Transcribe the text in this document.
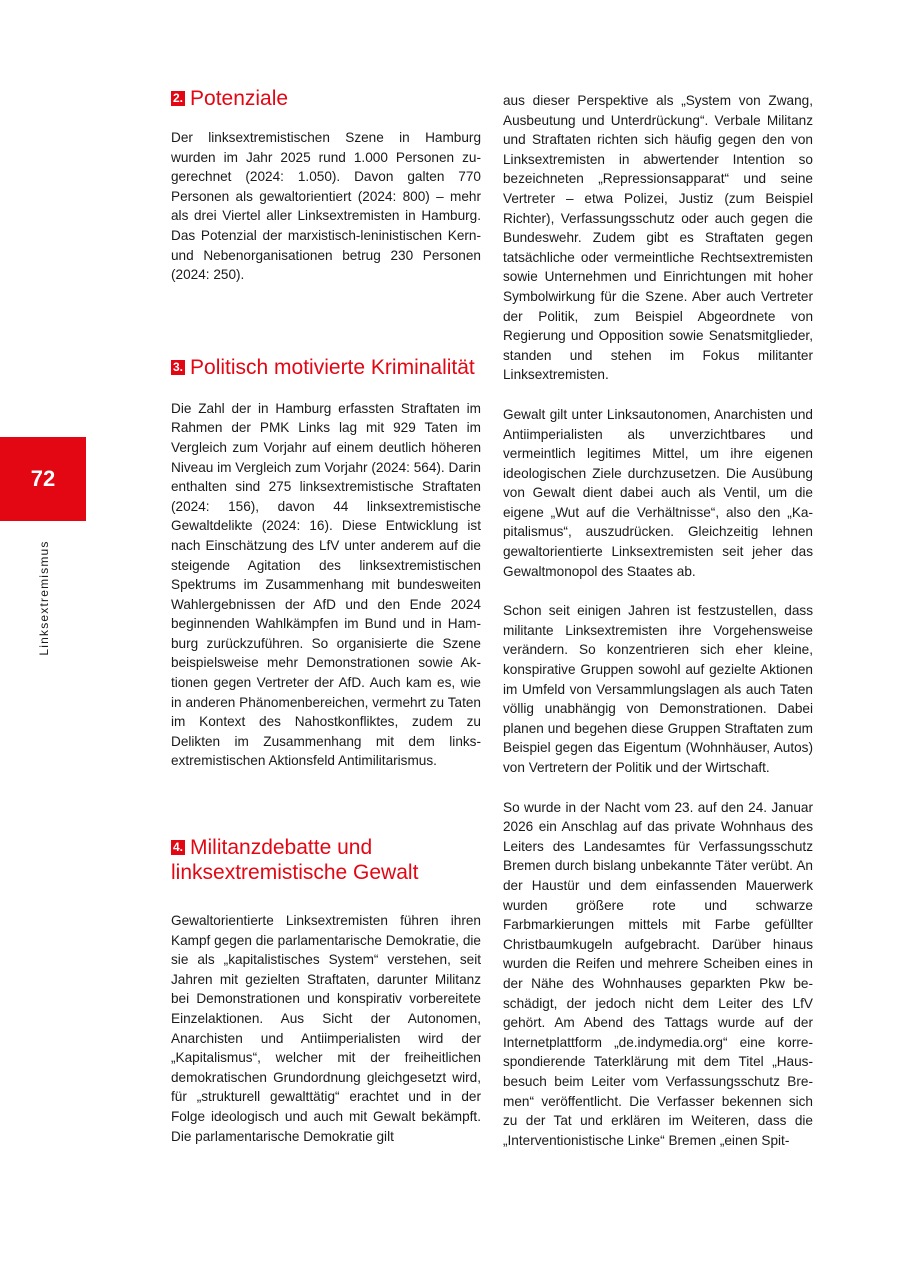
72
Linksextremismus
2. Potenziale

Der linksextremistischen Szene in Hamburg wurden im Jahr 2025 rund 1.000 Personen zugerechnet (2024: 1.050). Davon galten 770 Personen als gewaltorientiert (2024: 800) – mehr als drei Viertel aller Linksextremisten in Hamburg. Das Potenzial der marxistisch-leninistischen Kern- und Nebenorganisationen betrug 230 Personen (2024: 250).

3. Politisch motivierte Kriminalität

Die Zahl der in Hamburg erfassten Straftaten im Rahmen der PMK Links lag mit 929 Taten im Vergleich zum Vorjahr auf einem deutlich höheren Niveau im Vergleich zum Vorjahr (2024: 564). Darin enthalten sind 275 linksextremistische Straftaten (2024: 156), davon 44 linksextremistische Gewaltdelikte (2024: 16). Diese Entwicklung ist nach Einschätzung des LfV unter anderem auf die steigende Agitation des linksextremistischen Spektrums im Zusammenhang mit bundesweiten Wahlergebnissen der AfD und den Ende 2024 beginnenden Wahlkämpfen im Bund und in Hamburg zurückzuführen. So organisierte die Szene beispielsweise mehr Demonstrationen sowie Aktionen gegen Vertreter der AfD. Auch kam es, wie in anderen Phänomenbereichen, vermehrt zu Taten im Kontext des Nahostkonfliktes, zudem zu Delikten im Zusammenhang mit dem linksextremistischen Aktionsfeld Antimilitarismus.

4. Militanzdebatte und linksextremistische Gewalt

Gewaltorientierte Linksextremisten führen ihren Kampf gegen die parlamentarische Demokratie, die sie als „kapitalistisches System“ verstehen, seit Jahren mit gezielten Straftaten, darunter Militanz bei Demonstrationen und konspirativ vorbereitete Einzelaktionen. Aus Sicht der Autonomen, Anarchisten und Antiimperialisten wird der „Kapitalismus“, welcher mit der freiheitlichen demokratischen Grundordnung gleichgesetzt wird, für „strukturell gewalttätig“ erachtet und in der Folge ideologisch und auch mit Gewalt bekämpft. Die parlamentarische Demokratie gilt

aus dieser Perspektive als „System von Zwang, Ausbeutung und Unterdrückung“. Verbale Militanz und Straftaten richten sich häufig gegen den von Linksextremisten in abwertender Intention so bezeichneten „Repressionsapparat“ und seine Vertreter – etwa Polizei, Justiz (zum Beispiel Richter), Verfassungsschutz oder auch gegen die Bundeswehr. Zudem gibt es Straftaten gegen tatsächliche oder vermeintliche Rechtsextremisten sowie Unternehmen und Einrichtungen mit hoher Symbolwirkung für die Szene. Aber auch Vertreter der Politik, zum Beispiel Abgeordnete von Regierung und Opposition sowie Senatsmitglieder, standen und stehen im Fokus militanter Linksextremisten.

Gewalt gilt unter Linksautonomen, Anarchisten und Antiimperialisten als unverzichtbares und vermeintlich legitimes Mittel, um ihre eigenen ideologischen Ziele durchzusetzen. Die Ausübung von Gewalt dient dabei auch als Ventil, um die eigene „Wut auf die Verhältnisse“, also den „Kapitalismus“, auszudrücken. Gleichzeitig lehnen gewaltorientierte Linksextremisten seit jeher das Gewaltmonopol des Staates ab.

Schon seit einigen Jahren ist festzustellen, dass militante Linksextremisten ihre Vorgehensweise verändern. So konzentrieren sich eher kleine, konspirative Gruppen sowohl auf gezielte Aktionen im Umfeld von Versammlungslagen als auch Taten völlig unabhängig von Demonstrationen. Dabei planen und begehen diese Gruppen Straftaten zum Beispiel gegen das Eigentum (Wohnhäuser, Autos) von Vertretern der Politik und der Wirtschaft.

So wurde in der Nacht vom 23. auf den 24. Januar 2026 ein Anschlag auf das private Wohnhaus des Leiters des Landesamtes für Verfassungsschutz Bremen durch bislang unbekannte Täter verübt. An der Haustür und dem einfassenden Mauerwerk wurden größere rote und schwarze Farbmarkierungen mittels mit Farbe gefüllter Christbaumkugeln aufgebracht. Darüber hinaus wurden die Reifen und mehrere Scheiben eines in der Nähe des Wohnhauses geparkten Pkw beschädigt, der jedoch nicht dem Leiter des LfV gehört. Am Abend des Tattags wurde auf der Internetplattform „de.indymedia.org“ eine korrespondierende Taterklärung mit dem Titel „Hausbesuch beim Leiter vom Verfassungsschutz Bremen“ veröffentlicht. Die Verfasser bekennen sich zu der Tat und erklären im Weiteren, dass die „Interventionistische Linke“ Bremen „einen Spit-
